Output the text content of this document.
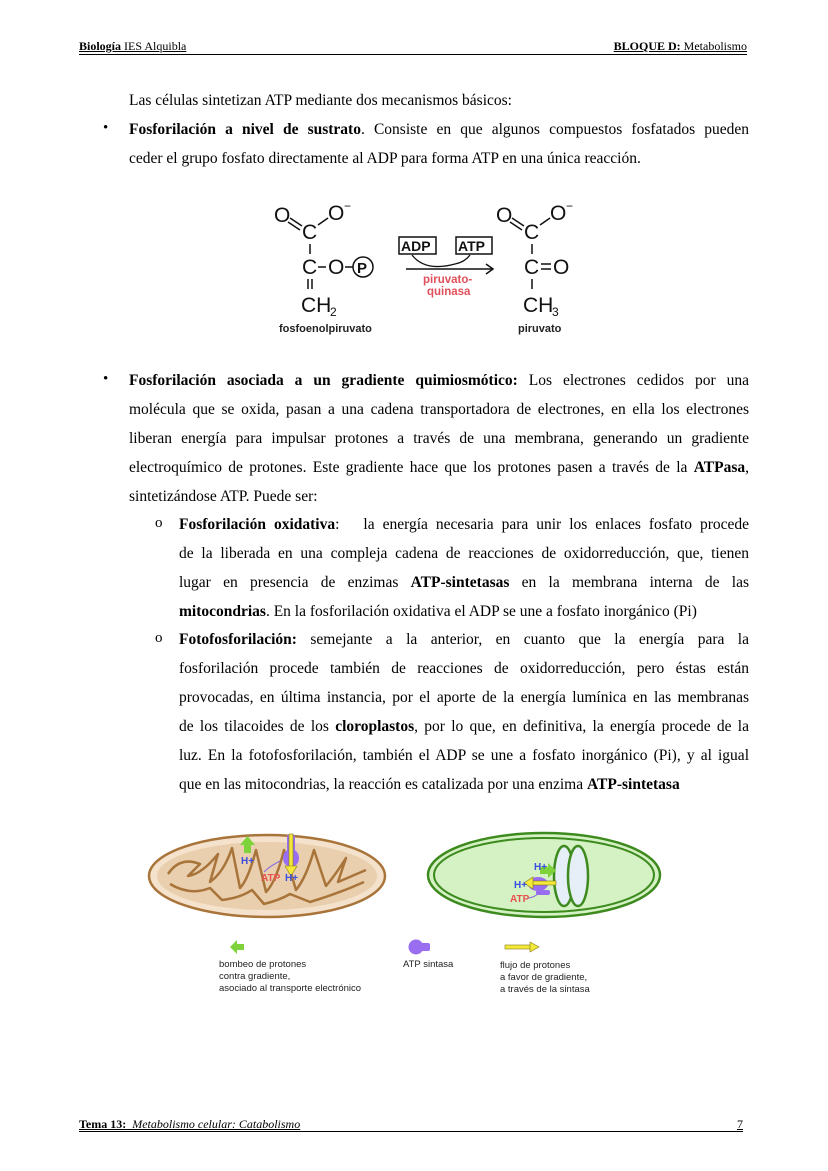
Biología IES Alquibla	BLOQUE D: Metabolismo
Las células sintetizan ATP mediante dos mecanismos básicos:
• Fosforilación a nivel de sustrato. Consiste en que algunos compuestos fosfatados pueden
ceder el grupo fosfato directamente al ADP para forma ATP en una única reacción.
O
C
O −
C O P
CH
2
fosfoenolpiruvato
ADP ATP
piruvato-
quinasa
O
C
O −
C O
CH
3
piruvato
• Fosforilación asociada a un gradiente quimiosmótico: Los electrones cedidos por una
molécula que se oxida, pasan a una cadena transportadora de electrones, en ella los electrones
liberan energía para impulsar protones a través de una membrana, generando un gradiente
electroquímico de protones. Este gradiente hace que los protones pasen a través de la ATPasa,
sintetizándose ATP. Puede ser:
o Fosforilación oxidativa:   la energía necesaria para unir los enlaces fosfato procede
de la liberada en una compleja cadena de reacciones de oxidorreducción, que, tienen
lugar en presencia de enzimas ATP-sintetasas en la membrana interna de las
mitocondrias. En la fosforilación oxidativa el ADP se une a fosfato inorgánico (Pi)
o Fotofosforilación: semejante a la anterior, en cuanto que la energía para la
fosforilación procede también de reacciones de oxidorreducción, pero éstas están
provocadas, en última instancia, por el aporte de la energía lumínica en las membranas
de los tilacoides de los cloroplastos, por lo que, en definitiva, la energía procede de la
luz. En la fotofosforilación, también el ADP se une a fosfato inorgánico (Pi), y al igual
que en las mitocondrias, la reacción es catalizada por una enzima ATP-sintetasa
H+
ATP H+
H+
H+
ATP
bombeo de protones
contra gradiente,
asociado al transporte electrónico
ATP sintasa	flujo de protones
a favor de gradiente,
a través de la sintasa
Tema 13:  Metabolismo celular: Catabolismo	7
